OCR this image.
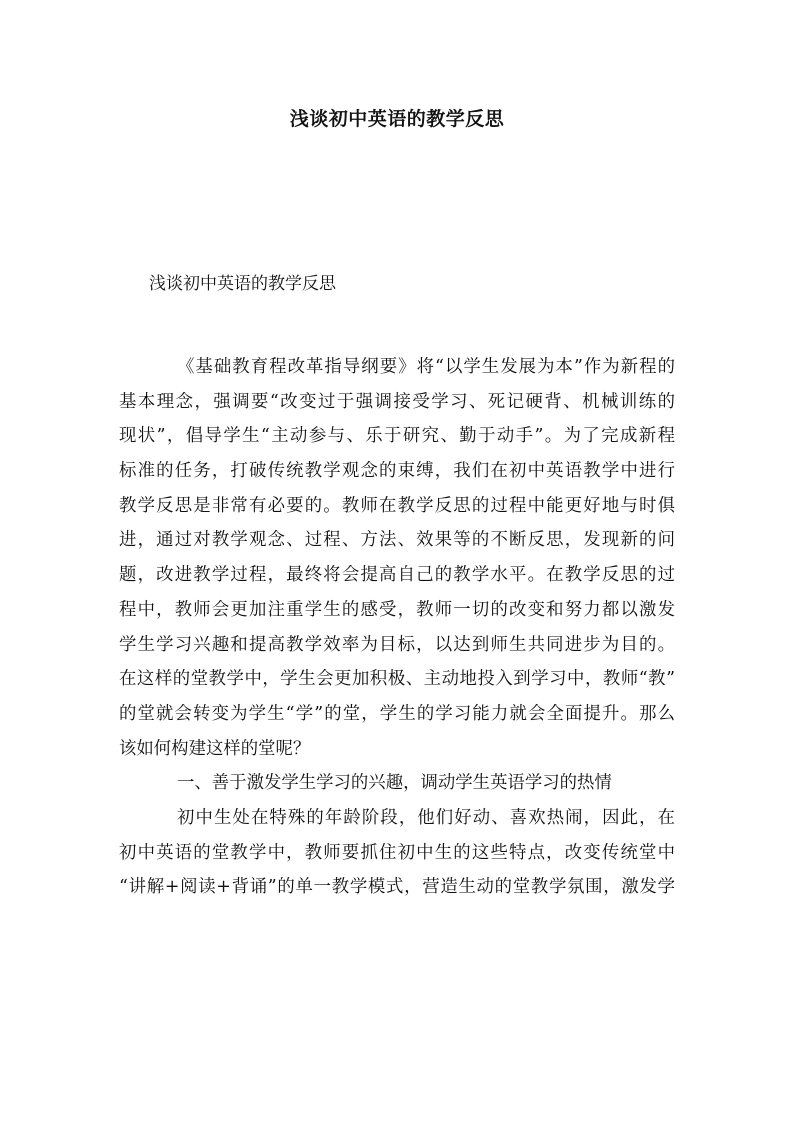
浅谈初中英语的教学反思
浅谈初中英语的教学反思
《基础教育程改革指导纲要》将“以学生发展为本”作为新程的
基本理念，强调要“改变过于强调接受学习、死记硬背、机械训练的
现状”，倡导学生“主动参与、乐于研究、勤于动手”。为了完成新程
标准的任务，打破传统教学观念的束缚，我们在初中英语教学中进行
教学反思是非常有必要的。教师在教学反思的过程中能更好地与时俱
进，通过对教学观念、过程、方法、效果等的不断反思，发现新的问
题，改进教学过程，最终将会提高自己的教学水平。在教学反思的过
程中，教师会更加注重学生的感受，教师一切的改变和努力都以激发
学生学习兴趣和提高教学效率为目标，以达到师生共同进步为目的。
在这样的堂教学中，学生会更加积极、主动地投入到学习中，教师“教”
的堂就会转变为学生“学”的堂，学生的学习能力就会全面提升。那么
该如何构建这样的堂呢？
一、善于激发学生学习的兴趣，调动学生英语学习的热情
初中生处在特殊的年龄阶段，他们好动、喜欢热闹，因此，在
初中英语的堂教学中，教师要抓住初中生的这些特点，改变传统堂中
“讲解+阅读+背诵”的单一教学模式，营造生动的堂教学氛围，激发学
